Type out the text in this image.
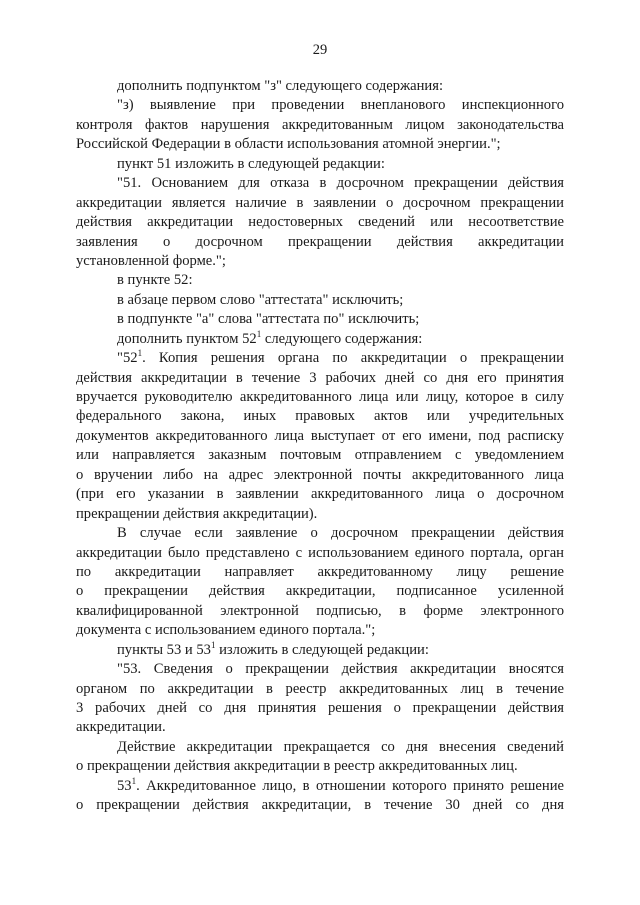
29
дополнить подпунктом "з" следующего содержания:
"з) выявление при проведении внепланового инспекционного
контроля фактов нарушения аккредитованным лицом законодательства
Российской Федерации в области использования атомной энергии.";
пункт 51 изложить в следующей редакции:
"51. Основанием для отказа в досрочном прекращении действия
аккредитации является наличие в заявлении о досрочном прекращении
действия аккредитации недостоверных сведений или несоответствие
заявления о досрочном прекращении действия аккредитации
установленной форме.";
в пункте 52:
в абзаце первом слово "аттестата" исключить;
в подпункте "а" слова "аттестата по" исключить;
дополнить пунктом $52^1$ следующего содержания:
"$52^1$. Копия решения органа по аккредитации о прекращении
действия аккредитации в течение 3 рабочих дней со дня его принятия
вручается руководителю аккредитованного лица или лицу, которое в силу
федерального закона, иных правовых актов или учредительных
документов аккредитованного лица выступает от его имени, под расписку
или направляется заказным почтовым отправлением с уведомлением
о вручении либо на адрес электронной почты аккредитованного лица
(при его указании в заявлении аккредитованного лица о досрочном
прекращении действия аккредитации).
В случае если заявление о досрочном прекращении действия
аккредитации было представлено с использованием единого портала, орган
по аккредитации направляет аккредитованному лицу решение
о прекращении действия аккредитации, подписанное усиленной
квалифицированной электронной подписью, в форме электронного
документа с использованием единого портала.";
пункты 53 и $53^1$ изложить в следующей редакции:
"53. Сведения о прекращении действия аккредитации вносятся
органом по аккредитации в реестр аккредитованных лиц в течение
3 рабочих дней со дня принятия решения о прекращении действия
аккредитации.
Действие аккредитации прекращается со дня внесения сведений
о прекращении действия аккредитации в реестр аккредитованных лиц.
$53^1$. Аккредитованное лицо, в отношении которого принято решение
о прекращении действия аккредитации, в течение 30 дней со дня
